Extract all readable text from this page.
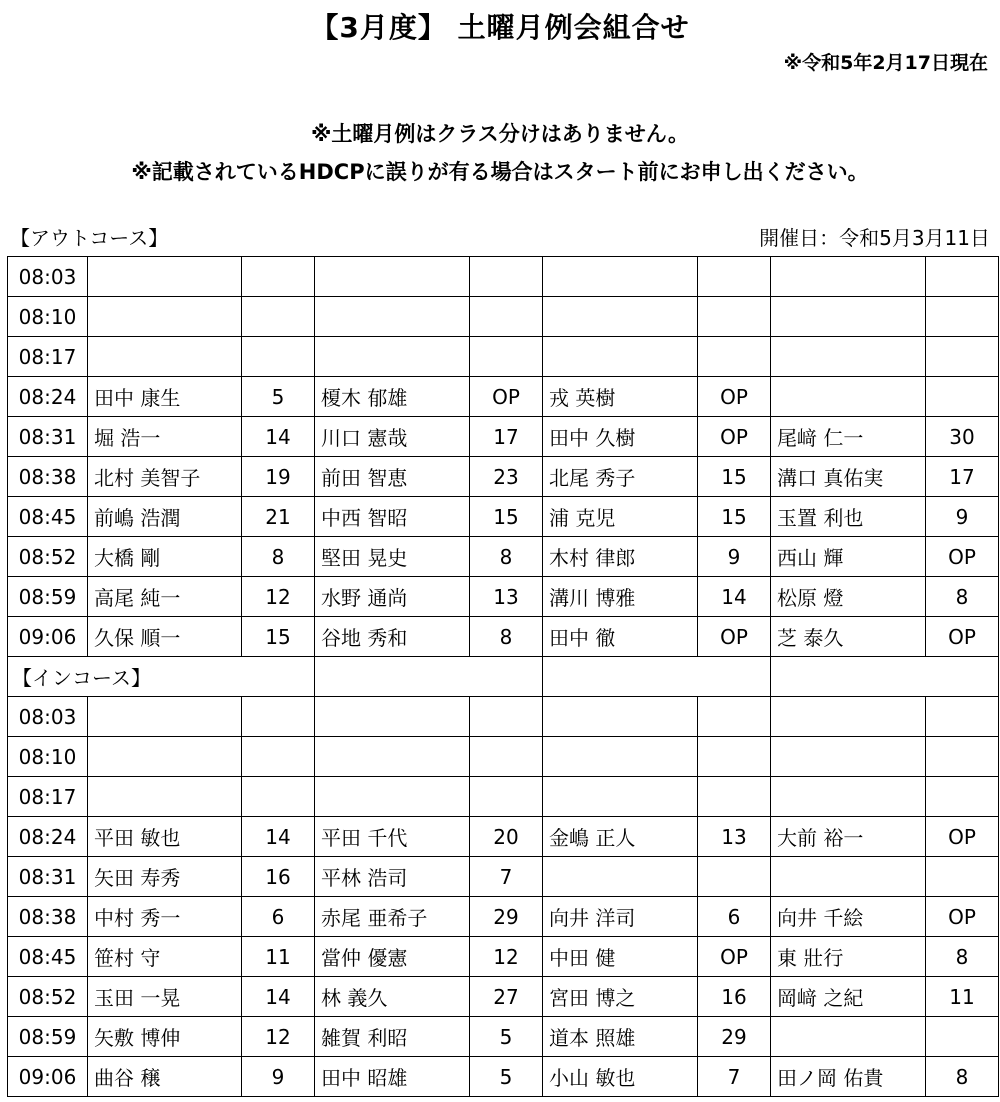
【3月度】 土曜月例会組合せ
※令和5年2月17日現在
※土曜月例はクラス分けはありません。
※記載されているHDCPに誤りが有る場合はスタート前にお申し出ください。
【アウトコース】	開催日：令和5月3月11日
08:03								
08:10								
08:17								
08:24	田中 康生	5	榎木 郁雄	OP	戎 英樹	OP		
08:31	堀 浩一	14	川口 憲哉	17	田中 久樹	OP	尾﨑 仁一	30
08:38	北村 美智子	19	前田 智恵	23	北尾 秀子	15	溝口 真佑実	17
08:45	前嶋 浩潤	21	中西 智昭	15	浦 克児	15	玉置 利也	9
08:52	大橋 剛	8	堅田 晃史	8	木村 律郎	9	西山 輝	OP
08:59	高尾 純一	12	水野 通尚	13	溝川 博雅	14	松原 燈	8
09:06	久保 順一	15	谷地 秀和	8	田中 徹	OP	芝 泰久	OP
【インコース】								
08:03								
08:10								
08:17								
08:24	平田 敏也	14	平田 千代	20	金嶋 正人	13	大前 裕一	OP
08:31	矢田 寿秀	16	平林 浩司	7				
08:38	中村 秀一	6	赤尾 亜希子	29	向井 洋司	6	向井 千絵	OP
08:45	笹村 守	11	當仲 優憲	12	中田 健	OP	東 壯行	8
08:52	玉田 一晃	14	林 義久	27	宮田 博之	16	岡﨑 之紀	11
08:59	矢敷 博伸	12	雑賀 利昭	5	道本 照雄	29		
09:06	曲谷 穣	9	田中 昭雄	5	小山 敏也	7	田ノ岡 佑貴	8
